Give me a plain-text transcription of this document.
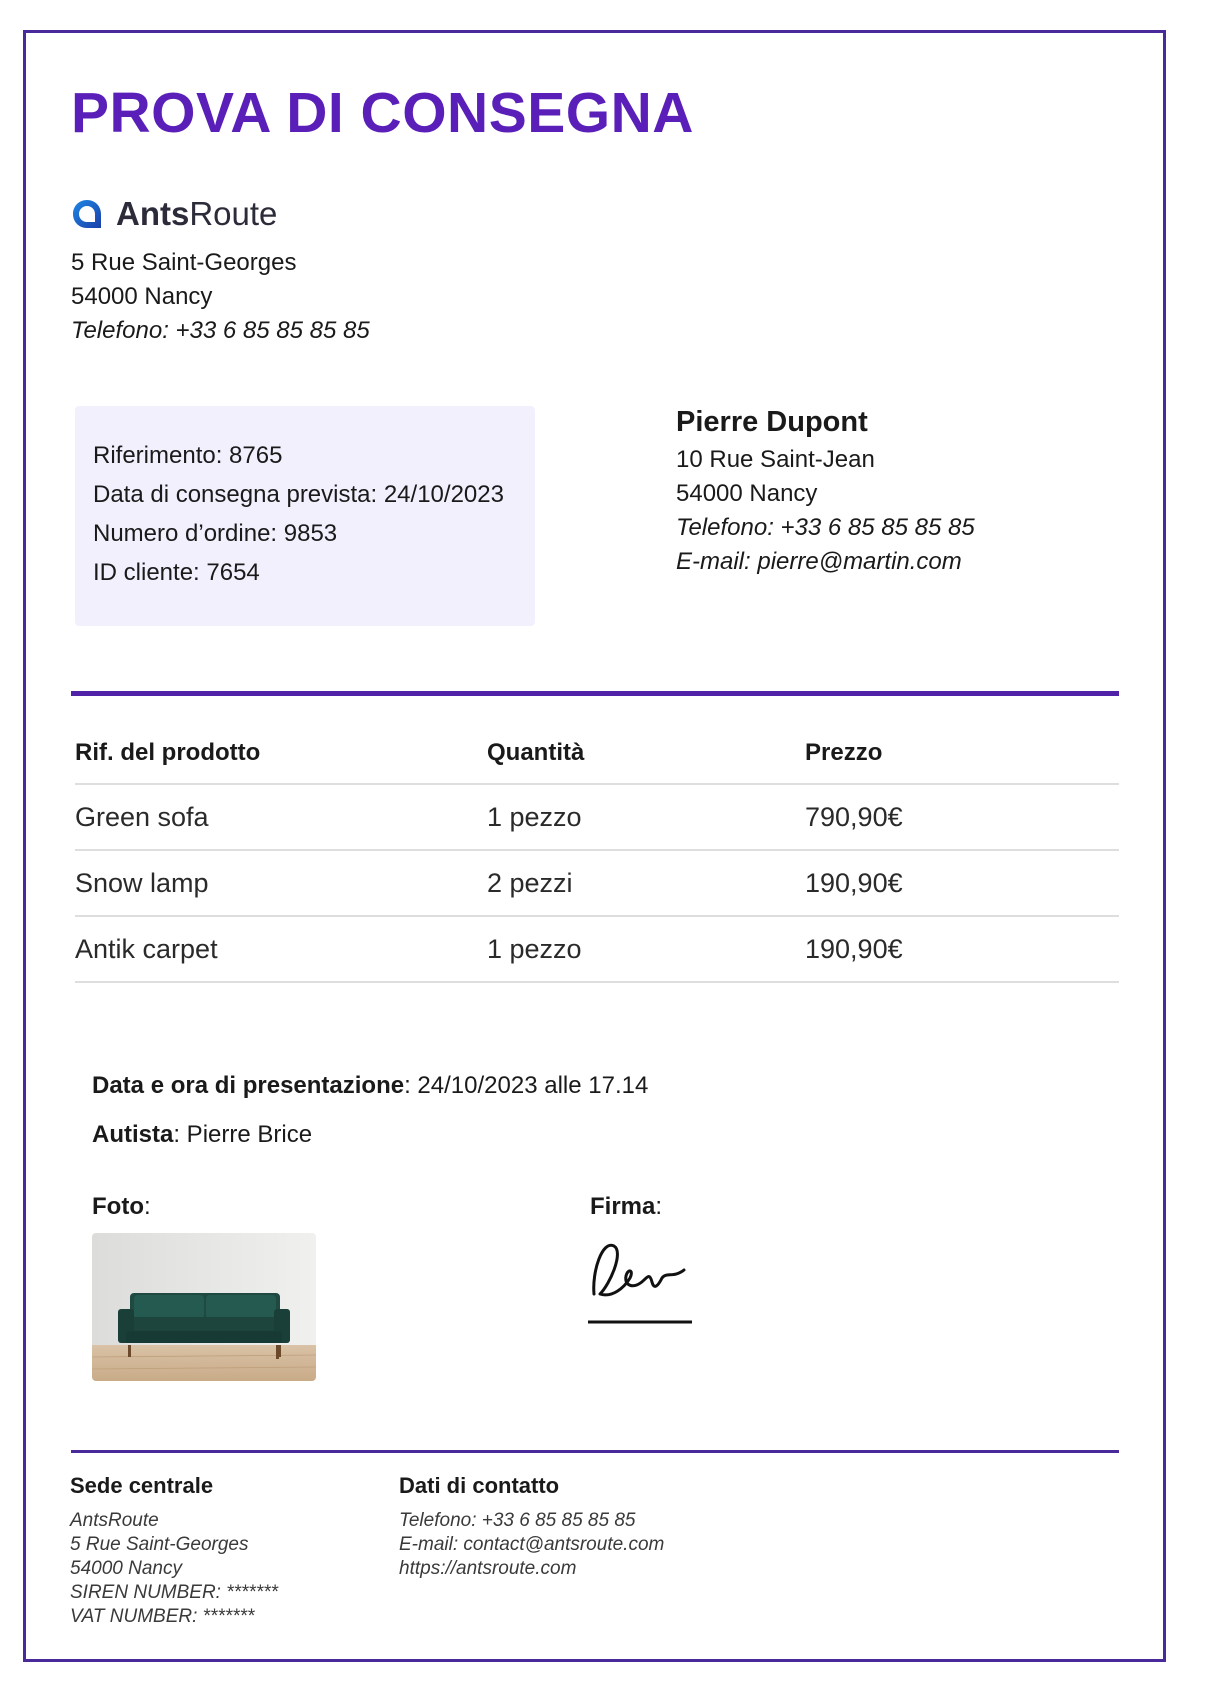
PROVA DI CONSEGNA
AntsRoute
5 Rue Saint-Georges
54000 Nancy
Telefono: +33 6 85 85 85 85
Riferimento: 8765
Data di consegna prevista: 24/10/2023
Numero d’ordine: 9853
ID cliente: 7654
Pierre Dupont
10 Rue Saint-Jean
54000 Nancy
Telefono: +33 6 85 85 85 85
E-mail: pierre@martin.com
Rif. del prodotto	Quantità	Prezzo
Green sofa	1 pezzo	790,90€
Snow lamp	2 pezzi	190,90€
Antik carpet	1 pezzo	190,90€
Data e ora di presentazione: 24/10/2023 alle 17.14
Autista: Pierre Brice
Foto:	Firma:
Sede centrale
AntsRoute
5 Rue Saint-Georges
54000 Nancy
SIREN NUMBER: *******
VAT NUMBER: *******
Dati di contatto
Telefono: +33 6 85 85 85 85
E-mail: contact@antsroute.com
https://antsroute.com
